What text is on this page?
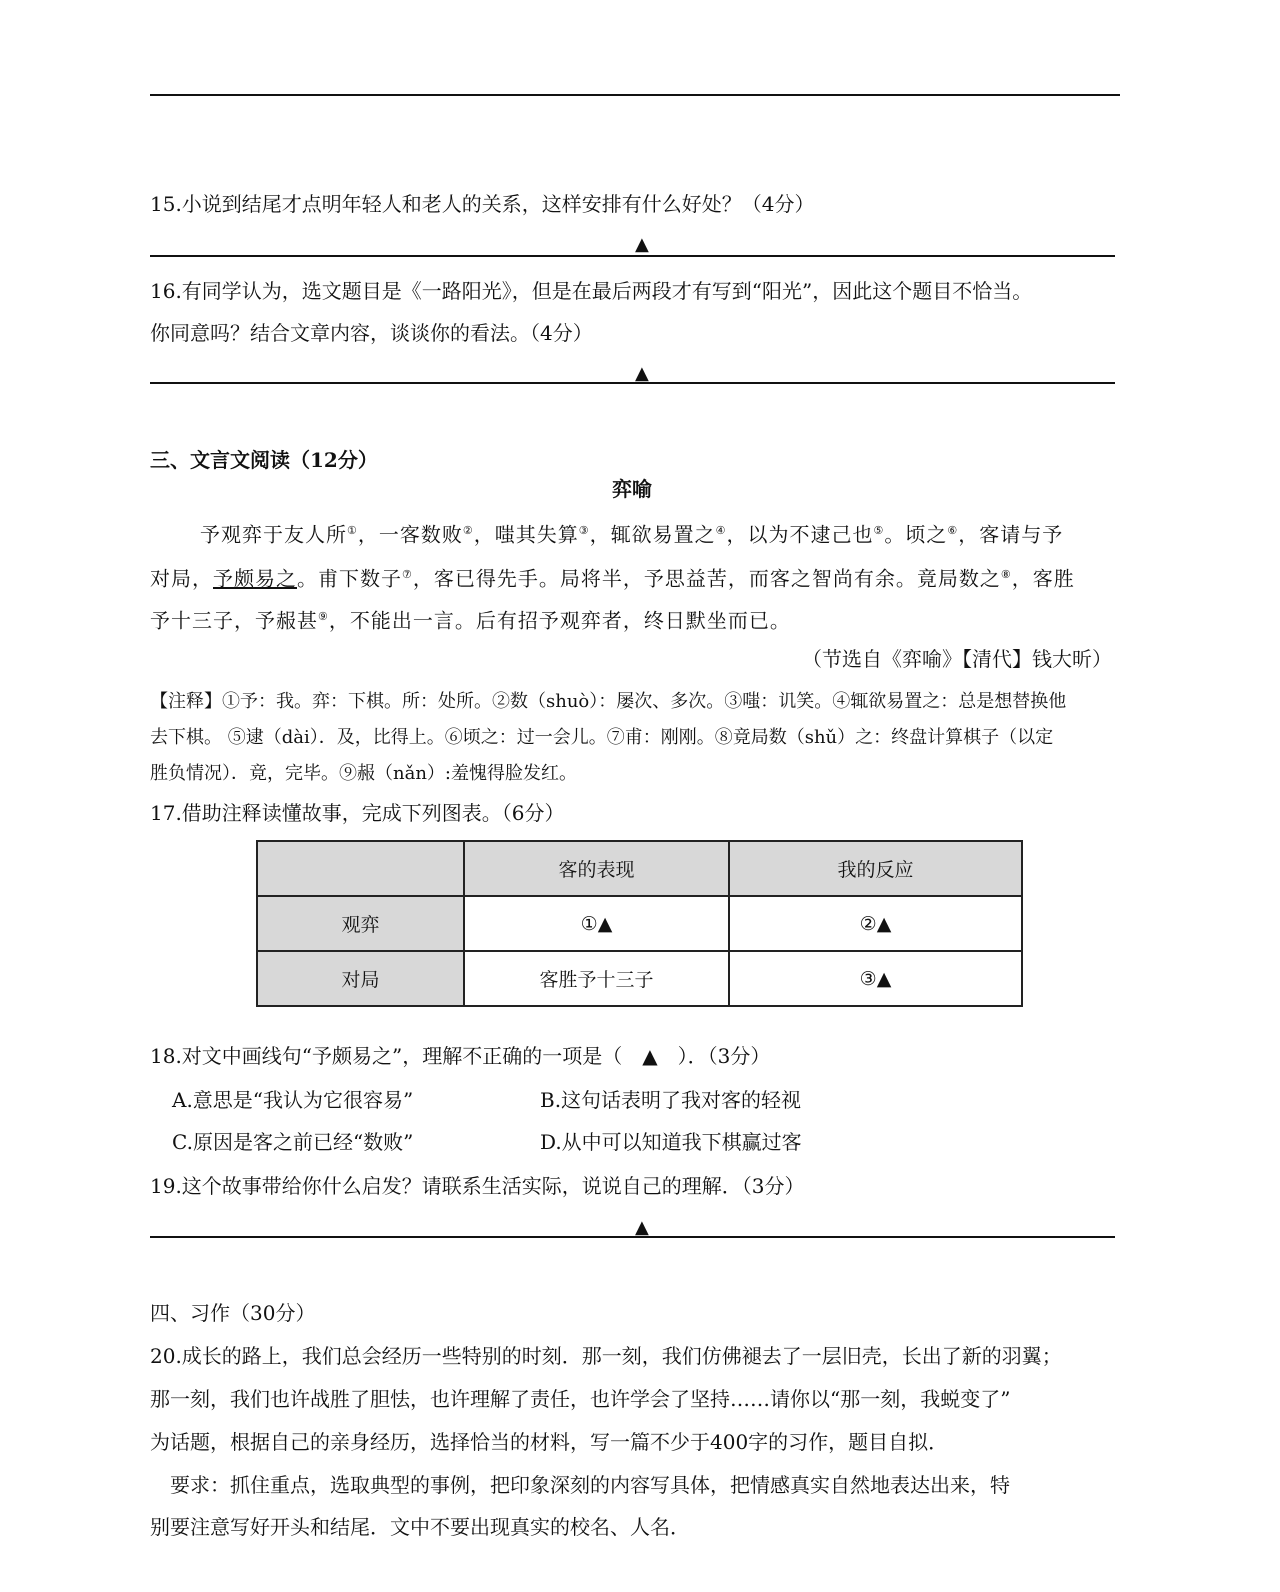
15.小说到结尾才点明年轻人和老人的关系，这样安排有什么好处？（4分）
▲
16.有同学认为，选文题目是《一路阳光》，但是在最后两段才有写到“阳光”，因此这个题目不恰当。
你同意吗？结合文章内容，谈谈你的看法。（4分）
▲
三、文言文阅读（12分）
弈喻
予观弈于友人所①，一客数败②，嗤其失算③，辄欲易置之④，以为不逮己也⑤。顷之⑥，客请与予
对局，予颇易之。甫下数子⑦，客已得先手。局将半，予思益苦，而客之智尚有余。竟局数之⑧，客胜
予十三子，予赧甚⑨，不能出一言。后有招予观弈者，终日默坐而已。
（节选自《弈喻》【清代】钱大昕）
【注释】①予：我。弈：下棋。所：处所。②数（shuò）：屡次、多次。③嗤：讥笑。④辄欲易置之：总是想替换他
去下棋。 ⑤逮（dài）．及，比得上。⑥顷之：过一会儿。⑦甫：刚刚。⑧竟局数（shǔ）之：终盘计算棋子（以定
胜负情况）．竟，完毕。⑨赧（nǎn）:羞愧得脸发红。
17.借助注释读懂故事，完成下列图表。（6分）
	客的表现	我的反应
观弈	①▲	②▲
对局	客胜予十三子	③▲
18.对文中画线句“予颇易之”，理解不正确的一项是（　▲　）．（3分）
A.意思是“我认为它很容易”	B.这句话表明了我对客的轻视
C.原因是客之前已经“数败”	D.从中可以知道我下棋赢过客
19.这个故事带给你什么启发？请联系生活实际，说说自己的理解．（3分）
▲
四、习作（30分）
20.成长的路上，我们总会经历一些特别的时刻．那一刻，我们仿佛褪去了一层旧壳，长出了新的羽翼；
那一刻，我们也许战胜了胆怯，也许理解了责任，也许学会了坚持……请你以“那一刻，我蜕变了”
为话题，根据自己的亲身经历，选择恰当的材料，写一篇不少于400字的习作，题目自拟．
　要求：抓住重点，选取典型的事例，把印象深刻的内容写具体，把情感真实自然地表达出来，特
别要注意写好开头和结尾．文中不要出现真实的校名、人名．
